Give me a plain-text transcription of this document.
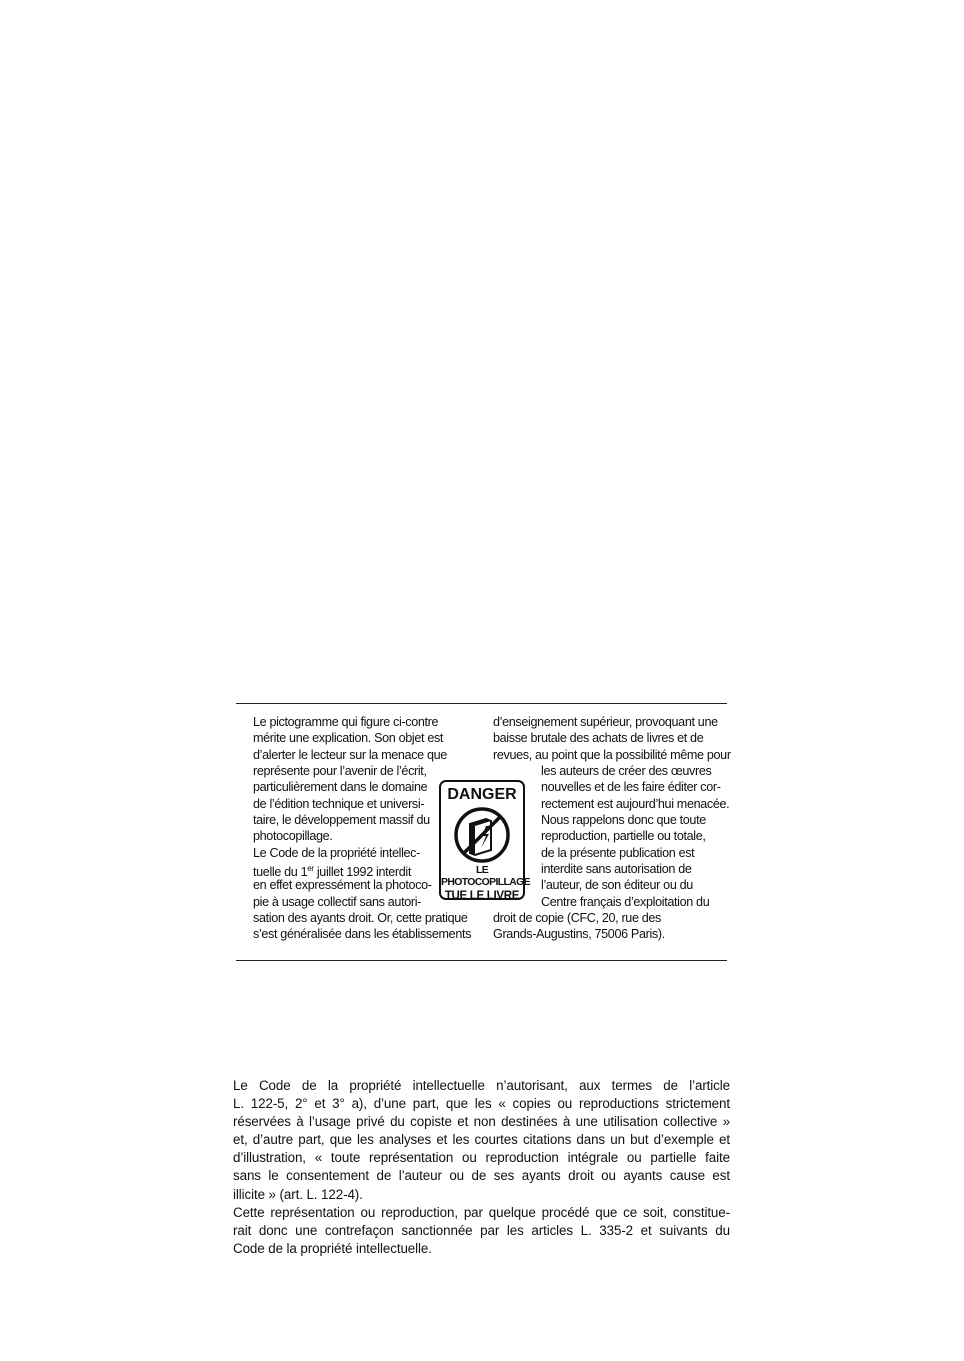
Le pictogramme qui figure ci-contre
mérite une explication. Son objet est
d’alerter le lecteur sur la menace que
représente pour l’avenir de l’écrit,
particulièrement dans le domaine
de l’édition technique et universi-
taire, le développement massif du
photocopillage.
Le Code de la propriété intellec-
tuelle du 1er juillet 1992 interdit
en effet expressément la photoco-
pie à usage collectif sans autori-
sation des ayants droit. Or, cette pratique
s’est généralisée dans les établissements
d’enseignement supérieur, provoquant une
baisse brutale des achats de livres et de
revues, au point que la possibilité même pour
les auteurs de créer des œuvres
nouvelles et de les faire éditer cor-
rectement est aujourd’hui menacée.
Nous rappelons donc que toute
reproduction, partielle ou totale,
de la présente publication est
interdite sans autorisation de
l’auteur, de son éditeur ou du
Centre français d’exploitation du
droit de copie (CFC, 20, rue des
Grands-Augustins, 75006 Paris).
DANGER
LE PHOTOCOPILLAGE
TUE LE LIVRE

Le Code de la propriété intellectuelle n’autorisant, aux termes de l’article
L. 122-5, 2° et 3° a), d’une part, que les « copies ou reproductions strictement
réservées à l’usage privé du copiste et non destinées à une utilisation collective »
et, d’autre part, que les analyses et les courtes citations dans un but d’exemple et
d’illustration, « toute représentation ou reproduction intégrale ou partielle faite
sans le consentement de l’auteur ou de ses ayants droit ou ayants cause est
illicite » (art. L. 122-4).

Cette représentation ou reproduction, par quelque procédé que ce soit, constitue-
rait donc une contrefaçon sanctionnée par les articles L. 335-2 et suivants du
Code de la propriété intellectuelle.
